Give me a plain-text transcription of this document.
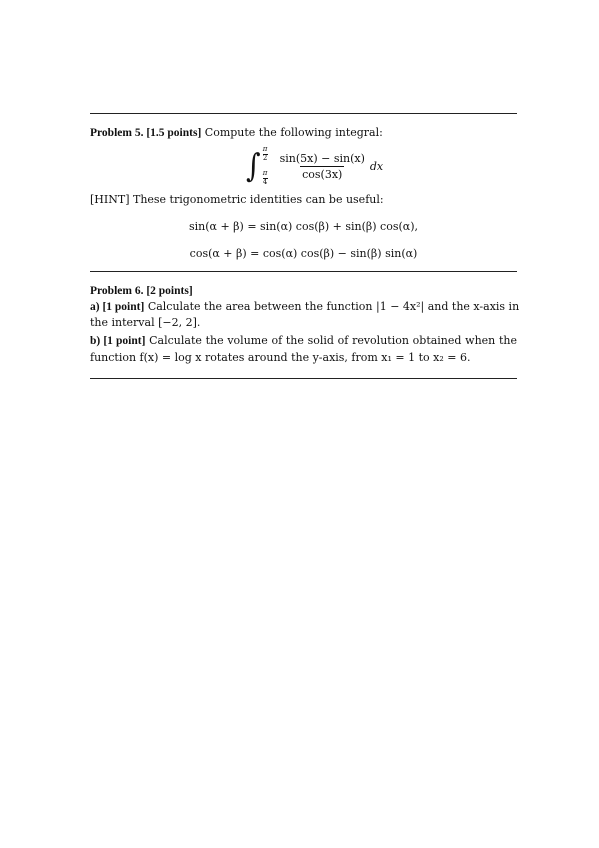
Problem 5. [1.5 points] Compute the following integral:
∫ π
2
π
4
$\frac{\sin(5x) - \sin(x)}{\cos(3x)}$ dx
[HINT] These trigonometric identities can be useful:
sin(α + β) = sin(α) cos(β) + sin(β) cos(α),
cos(α + β) = cos(α) cos(β) − sin(β) sin(α)
Problem 6. [2 points]
a) [1 point] Calculate the area between the function |1 − 4x²| and the x-axis in
the interval [−2, 2].
b) [1 point] Calculate the volume of the solid of revolution obtained when the
function f(x) = log x rotates around the y-axis, from x₁ = 1 to x₂ = 6.
